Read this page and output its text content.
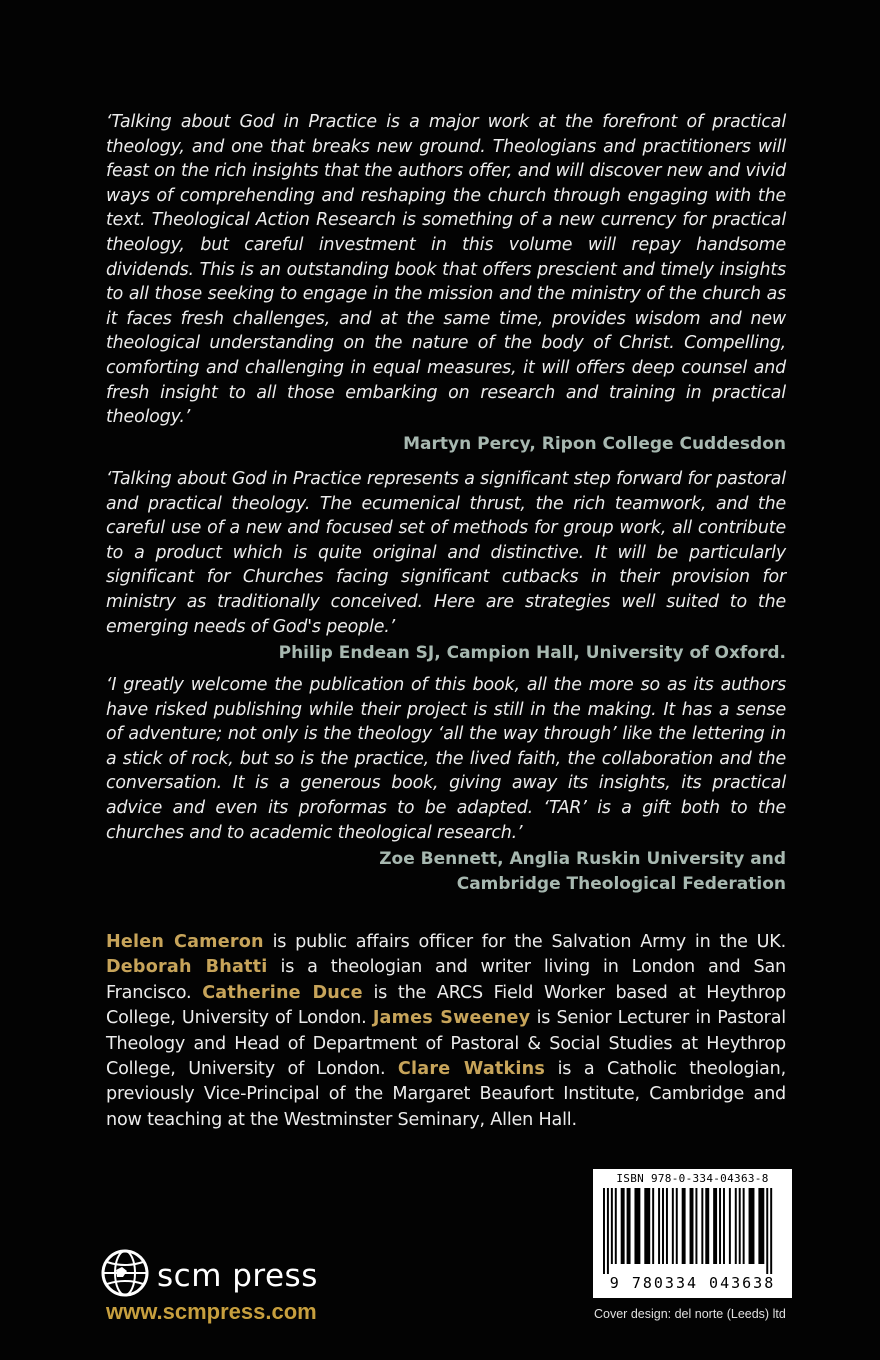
‘Talking about God in Practice is a major work at the forefront of practical theology, and one that breaks new ground. Theologians and practitioners will feast on the rich insights that the authors offer, and will discover new and vivid ways of comprehending and reshaping the church through engaging with the text. Theological Action Research is something of a new currency for practical theology, but careful investment in this volume will repay handsome dividends. This is an outstanding book that offers prescient and timely insights to all those seeking to engage in the mission and the ministry of the church as it faces fresh challenges, and at the same time, provides wisdom and new theological understanding on the nature of the body of Christ. Compelling, comforting and challenging in equal measures, it will offers deep counsel and fresh insight to all those embarking on research and training in practical theology.’

Martyn Percy, Ripon College Cuddesdon

‘Talking about God in Practice represents a significant step forward for pastoral and practical theology. The ecumenical thrust, the rich teamwork, and the careful use of a new and focused set of methods for group work, all contribute to a product which is quite original and distinctive. It will be particularly significant for Churches facing significant cutbacks in their provision for ministry as traditionally conceived. Here are strategies well suited to the emerging needs of God's people.’

Philip Endean SJ, Campion Hall, University of Oxford.

‘I greatly welcome the publication of this book, all the more so as its authors have risked publishing while their project is still in the making. It has a sense of adventure; not only is the theology ‘all the way through’ like the lettering in a stick of rock, but so is the practice, the lived faith, the collaboration and the conversation. It is a generous book, giving away its insights, its practical advice and even its proformas to be adapted. ‘TAR’ is a gift both to the churches and to academic theological research.’

Zoe Bennett, Anglia Ruskin University and
Cambridge Theological Federation

Helen Cameron is public affairs officer for the Salvation Army in the UK. Deborah Bhatti is a theologian and writer living in London and San Francisco. Catherine Duce is the ARCS Field Worker based at Heythrop College, University of London. James Sweeney is Senior Lecturer in Pastoral Theology and Head of Department of Pastoral & Social Studies at Heythrop College, University of London. Clare Watkins is a Catholic theologian, previously Vice-Principal of the Margaret Beaufort Institute, Cambridge and now teaching at the Westminster Seminary, Allen Hall.

ISBN 978-0-334-04363-8
9 780334 043638
Cover design: del norte (Leeds) ltd
scm press
www.scmpress.com
